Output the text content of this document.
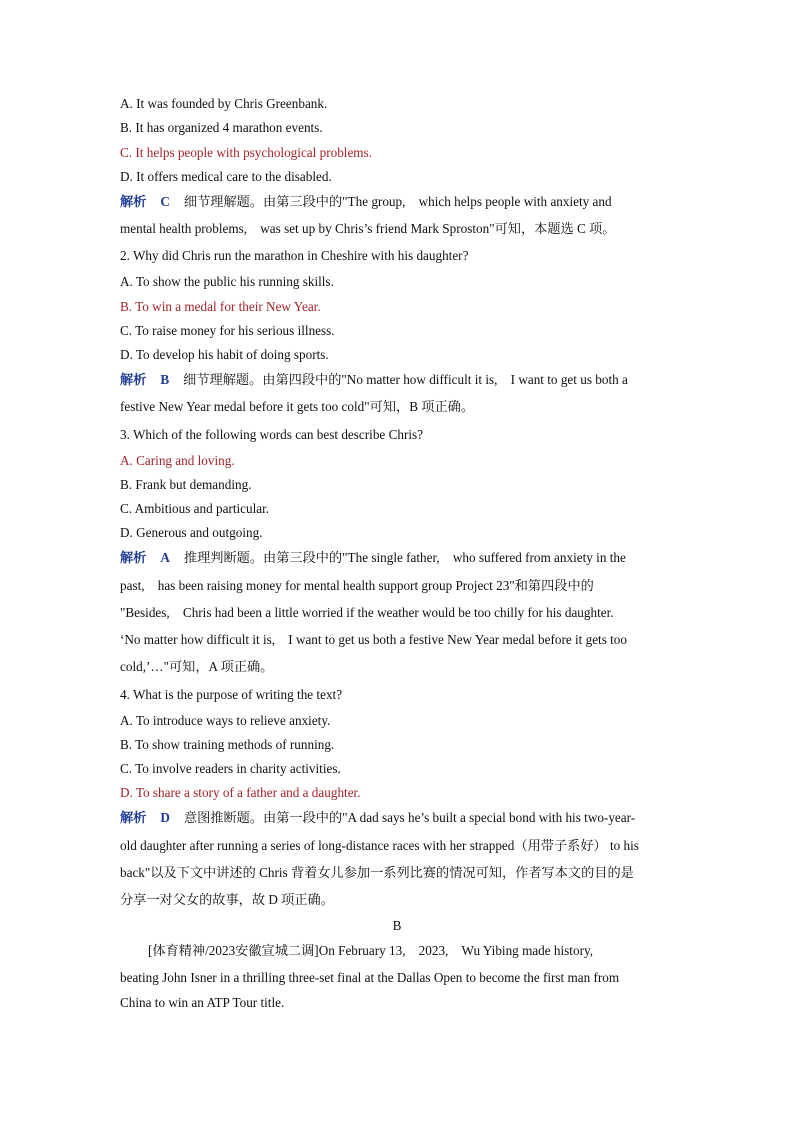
A. It was founded by Chris Greenbank.
B. It has organized 4 marathon events.
C. It helps people with psychological problems.
D. It offers medical care to the disabled.
解析 C 细节理解题。由第三段中的"The group,　which helps people with anxiety and
mental health problems,　was set up by Chris’s friend Mark Sproston"可知，本题选 C 项。
2. Why did Chris run the marathon in Cheshire with his daughter?
A. To show the public his running skills.
B. To win a medal for their New Year.
C. To raise money for his serious illness.
D. To develop his habit of doing sports.
解析 B 细节理解题。由第四段中的"No matter how difficult it is,　I want to get us both a
festive New Year medal before it gets too cold"可知，B 项正确。
3. Which of the following words can best describe Chris?
A. Caring and loving.
B. Frank but demanding.
C. Ambitious and particular.
D. Generous and outgoing.
解析 A 推理判断题。由第三段中的"The single father,　who suffered from anxiety in the
past,　has been raising money for mental health support group Project 23"和第四段中的
"Besides,　Chris had been a little worried if the weather would be too chilly for his daughter.
‘No matter how difficult it is,　I want to get us both a festive New Year medal before it gets too
cold,’…"可知，A 项正确。
4. What is the purpose of writing the text?
A. To introduce ways to relieve anxiety.
B. To show training methods of running.
C. To involve readers in charity activities.
D. To share a story of a father and a daughter.
解析 D 意图推断题。由第一段中的"A dad says he’s built a special bond with his two-year-
old daughter after running a series of long-distance races with her strapped（用带子系好） to his
back"以及下文中讲述的 Chris 背着女儿参加一系列比赛的情况可知，作者写本文的目的是
分享一对父女的故事，故 D 项正确。
B
[体育精神/2023安徽宣城二调]On February 13,　2023,　Wu Yibing made history,
beating John Isner in a thrilling three-set final at the Dallas Open to become the first man from
China to win an ATP Tour title.
